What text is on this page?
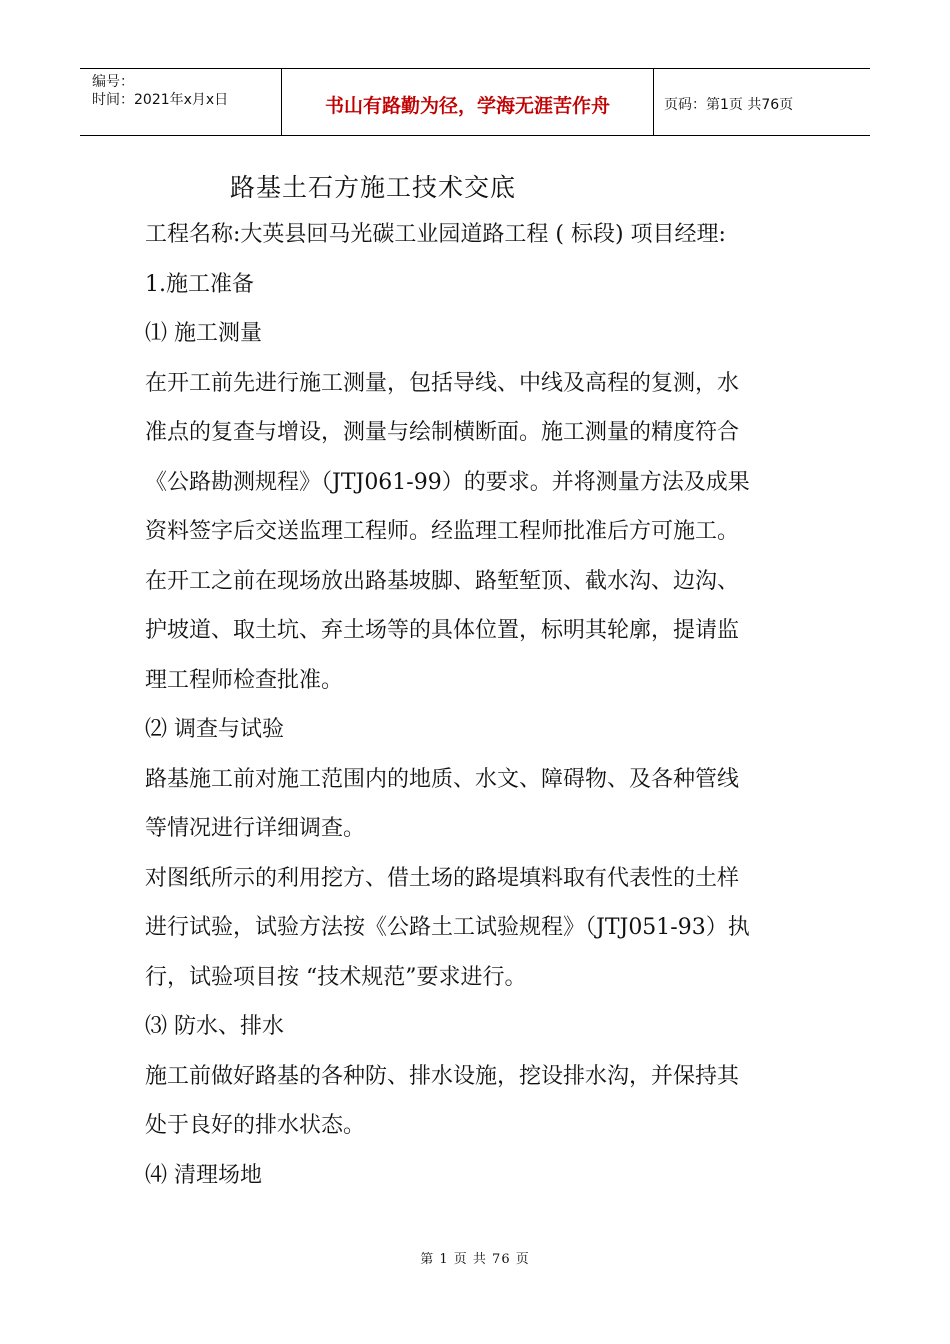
编号：
时间：2021年x月x日	书山有路勤为径，学海无涯苦作舟	页码：第1页 共76页
路基土石方施工技术交底

工程名称:大英县回马光碳工业园道路工程 ( 标段) 项目经理:

1.施工准备

⑴ 施工测量

在开工前先进行施工测量，包括导线、中线及高程的复测，水

准点的复查与增设，测量与绘制横断面。施工测量的精度符合

《公路勘测规程》（JTJ061-99）的要求。并将测量方法及成果

资料签字后交送监理工程师。经监理工程师批准后方可施工。

在开工之前在现场放出路基坡脚、路堑堑顶、截水沟、边沟、

护坡道、取土坑、弃土场等的具体位置，标明其轮廓，提请监

理工程师检查批准。

⑵ 调查与试验

路基施工前对施工范围内的地质、水文、障碍物、及各种管线

等情况进行详细调查。

对图纸所示的利用挖方、借土场的路堤填料取有代表性的土样

进行试验，试验方法按《公路土工试验规程》（JTJ051-93）执

行，试验项目按 “技术规范”要求进行。

⑶ 防水、排水

施工前做好路基的各种防、排水设施，挖设排水沟，并保持其

处于良好的排水状态。

⑷ 清理场地

第 1 页 共 76 页
